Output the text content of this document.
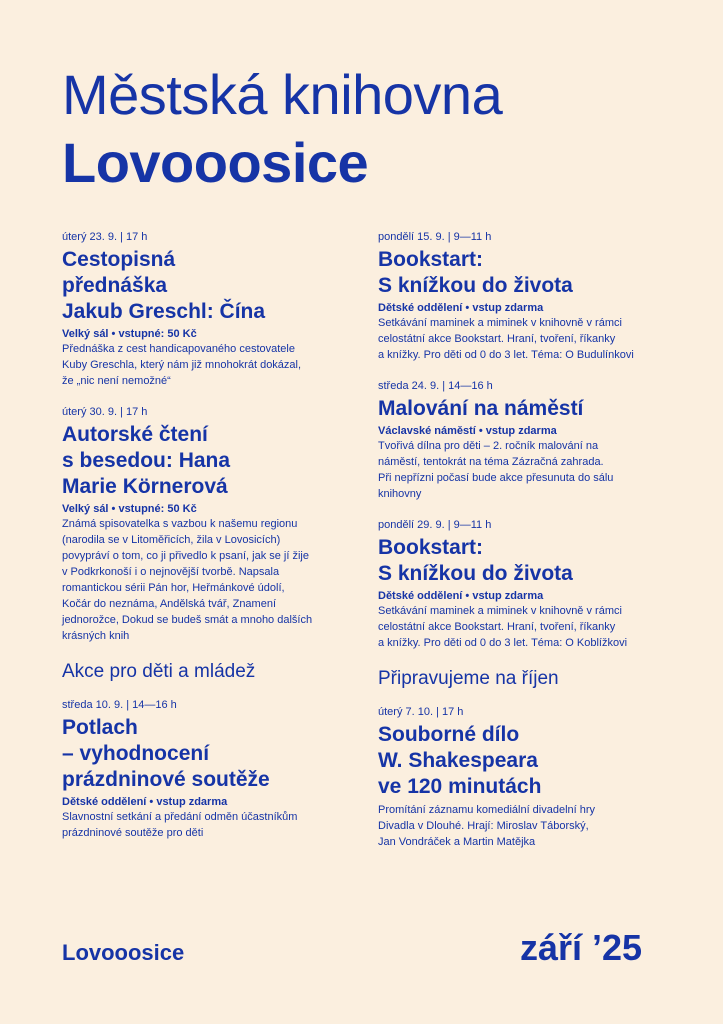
Městská knihovna
Lovooosice
úterý 23. 9. | 17 h
Cestopisná
přednáška
Jakub Greschl: Čína
Velký sál • vstupné: 50 Kč
Přednáška z cest handicapovaného cestovatele
Kuby Greschla, který nám již mnohokrát dokázal,
že „nic není nemožné“
úterý 30. 9. | 17 h
Autorské čtení
s besedou: Hana
Marie Körnerová
Velký sál • vstupné: 50 Kč
Známá spisovatelka s vazbou k našemu regionu
(narodila se v Litoměřicích, žila v Lovosicích)
povypráví o tom, co ji přivedlo k psaní, jak se jí žije
v Podkrkonoší i o nejnovější tvorbě. Napsala
romantickou sérii Pán hor, Heřmánkové údolí,
Kočár do neznáma, Andělská tvář, Znamení
jednorožce, Dokud se budeš smát a mnoho dalších
krásných knih
Akce pro děti a mládež
středa 10. 9. | 14—16 h
Potlach
– vyhodnocení
prázdninové soutěže
Dětské oddělení • vstup zdarma
Slavnostní setkání a předání odměn účastníkům
prázdninové soutěže pro děti
pondělí 15. 9. | 9—11 h
Bookstart:
S knížkou do života
Dětské oddělení • vstup zdarma
Setkávání maminek a miminek v knihovně v rámci
celostátní akce Bookstart. Hraní, tvoření, říkanky
a knížky. Pro děti od 0 do 3 let. Téma: O Budulínkovi
středa 24. 9. | 14—16 h
Malování na náměstí
Václavské náměstí • vstup zdarma
Tvořivá dílna pro děti – 2. ročník malování na
náměstí, tentokrát na téma Zázračná zahrada.
Při nepřízni počasí bude akce přesunuta do sálu
knihovny
pondělí 29. 9. | 9—11 h
Bookstart:
S knížkou do života
Dětské oddělení • vstup zdarma
Setkávání maminek a miminek v knihovně v rámci
celostátní akce Bookstart. Hraní, tvoření, říkanky
a knížky. Pro děti od 0 do 3 let. Téma: O Koblížkovi
Připravujeme na říjen
úterý 7. 10. | 17 h
Souborné dílo
W. Shakespeara
ve 120 minutách
Promítání záznamu komediální divadelní hry
Divadla v Dlouhé. Hrají: Miroslav Táborský,
Jan Vondráček a Martin Matějka
Lovooosice	září ’25
